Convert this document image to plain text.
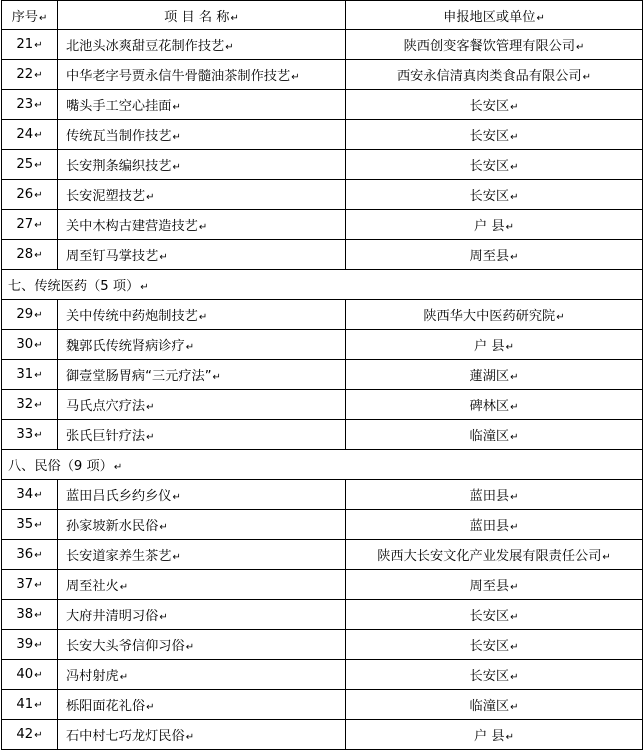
序号↵	项 目 名 称↵	申报地区或单位↵
21↵	北池头冰爽甜豆花制作技艺↵	陕西创变客餐饮管理有限公司↵
22↵	中华老字号贾永信牛骨髓油茶制作技艺↵	西安永信清真肉类食品有限公司↵
23↵	嘴头手工空心挂面↵	长安区↵
24↵	传统瓦当制作技艺↵	长安区↵
25↵	长安荆条编织技艺↵	长安区↵
26↵	长安泥塑技艺↵	长安区↵
27↵	关中木构古建营造技艺↵	户 县↵
28↵	周至钉马掌技艺↵	周至县↵
七、传统医药（5 项）↵		
29↵	关中传统中药炮制技艺↵	陕西华大中医药研究院↵
30↵	魏郭氏传统肾病诊疗↵	户 县↵
31↵	御壹堂肠胃病“三元疗法”↵	蓮湖区↵
32↵	马氏点穴疗法↵	碑林区↵
33↵	张氏巨针疗法↵	临潼区↵
八、民俗（9 项）↵		
34↵	蓝田吕氏乡约乡仪↵	蓝田县↵
35↵	孙家坡新水民俗↵	蓝田县↵
36↵	长安道家养生茶艺↵	陕西大长安文化产业发展有限责任公司↵
37↵	周至社火↵	周至县↵
38↵	大府井清明习俗↵	长安区↵
39↵	长安大头爷信仰习俗↵	长安区↵
40↵	冯村射虎↵	长安区↵
41↵	栎阳面花礼俗↵	临潼区↵
42↵	石中村七巧龙灯民俗↵	户 县↵
